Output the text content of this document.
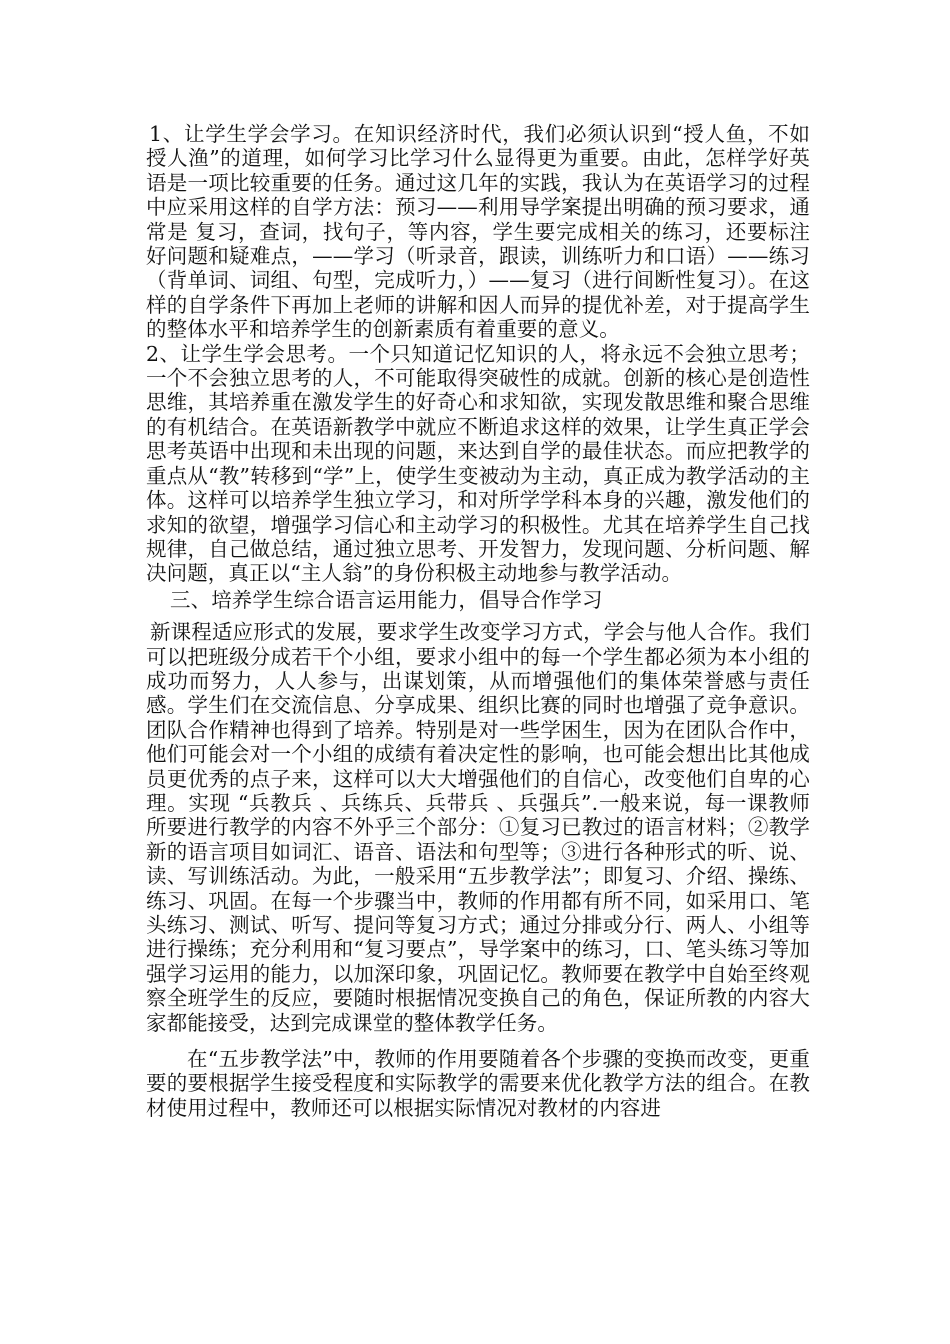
1、让学生学会学习。在知识经济时代，我们必须认识到“授人鱼，不如授人渔”的道理，如何学习比学习什么显得更为重要。由此，怎样学好英语是一项比较重要的任务。通过这几年的实践，我认为在英语学习的过程中应采用这样的自学方法：预习——利用导学案提出明确的预习要求，通常是 复习，查词，找句子，等内容，学生要完成相关的练习，还要标注好问题和疑难点，——学习（听录音，跟读，训练听力和口语）——练习（背单词、词组、句型，完成听力，）——复习（进行间断性复习）。在这样的自学条件下再加上老师的讲解和因人而异的提优补差，对于提高学生的整体水平和培养学生的创新素质有着重要的意义。

2、让学生学会思考。一个只知道记忆知识的人，将永远不会独立思考；一个不会独立思考的人，不可能取得突破性的成就。创新的核心是创造性思维，其培养重在激发学生的好奇心和求知欲，实现发散思维和聚合思维的有机结合。在英语新教学中就应不断追求这样的效果，让学生真正学会思考英语中出现和未出现的问题，来达到自学的最佳状态。而应把教学的重点从“教”转移到“学”上，使学生变被动为主动，真正成为教学活动的主体。这样可以培养学生独立学习，和对所学学科本身的兴趣，激发他们的求知的欲望，增强学习信心和主动学习的积极性。尤其在培养学生自己找规律，自己做总结，通过独立思考、开发智力，发现问题、分析问题、解决问题，真正以“主人翁”的身份积极主动地参与教学活动。

三、培养学生综合语言运用能力，倡导合作学习

新课程适应形式的发展，要求学生改变学习方式，学会与他人合作。我们可以把班级分成若干个小组，要求小组中的每一个学生都必须为本小组的成功而努力，人人参与，出谋划策，从而增强他们的集体荣誉感与责任感。学生们在交流信息、分享成果、组织比赛的同时也增强了竞争意识。团队合作精神也得到了培养。特别是对一些学困生，因为在团队合作中，他们可能会对一个小组的成绩有着决定性的影响，也可能会想出比其他成员更优秀的点子来，这样可以大大增强他们的自信心，改变他们自卑的心理。实现 “兵教兵 、兵练兵、兵带兵 、兵强兵”.一般来说，每一课教师所要进行教学的内容不外乎三个部分：①复习已教过的语言材料；②教学新的语言项目如词汇、语音、语法和句型等；③进行各种形式的听、说、读、写训练活动。为此，一般采用“五步教学法”；即复习、介绍、操练、练习、巩固。在每一个步骤当中，教师的作用都有所不同，如采用口、笔头练习、测试、听写、提问等复习方式；通过分排或分行、两人、小组等进行操练；充分利用和“复习要点”，导学案中的练习，口、笔头练习等加强学习运用的能力，以加深印象，巩固记忆。教师要在教学中自始至终观察全班学生的反应，要随时根据情况变换自己的角色，保证所教的内容大家都能接受，达到完成课堂的整体教学任务。

在“五步教学法”中，教师的作用要随着各个步骤的变换而改变，更重要的要根据学生接受程度和实际教学的需要来优化教学方法的组合。在教材使用过程中，教师还可以根据实际情况对教材的内容进
